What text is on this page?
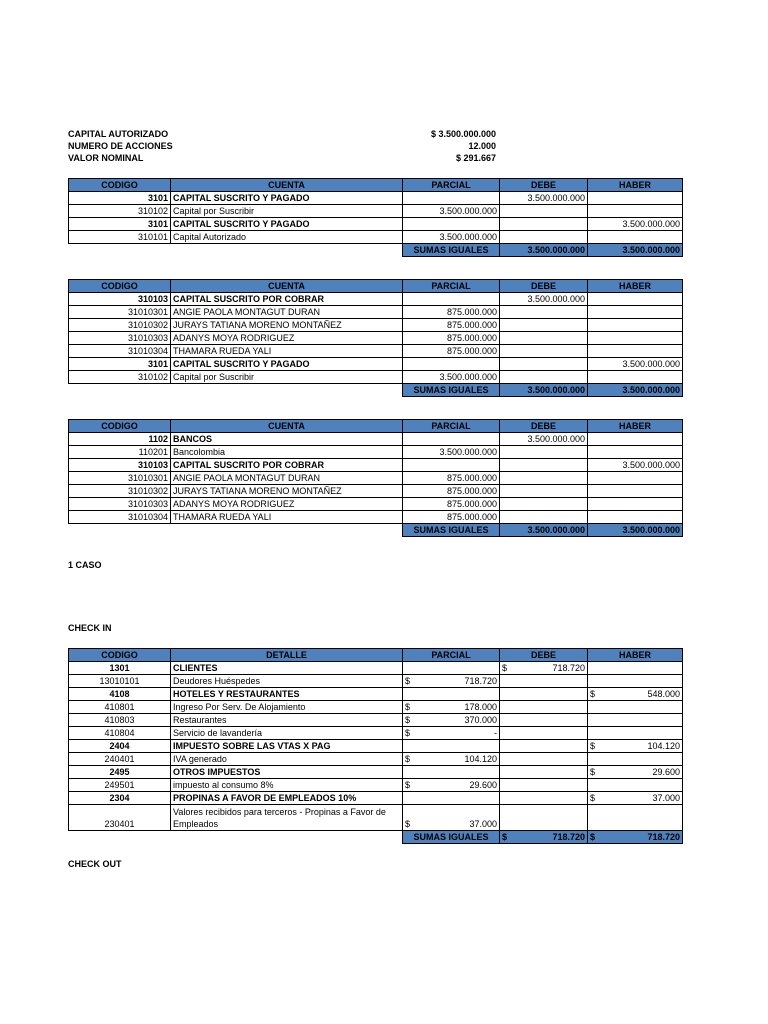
CAPITAL AUTORIZADO	$ 3.500.000.000
NUMERO DE ACCIONES	12.000
VALOR NOMINAL	$ 291.667
CODIGO	CUENTA	PARCIAL	DEBE	HABER
3101	CAPITAL SUSCRITO Y PAGADO		3.500.000.000	
310102	Capital por Suscribir	3.500.000.000		
3101	CAPITAL SUSCRITO Y PAGADO			3.500.000.000
310101	Capital Autorizado	3.500.000.000		
		SUMAS IGUALES	3.500.000.000	3.500.000.000
CODIGO	CUENTA	PARCIAL	DEBE	HABER
310103	CAPITAL SUSCRITO POR COBRAR		3.500.000.000	
31010301	ANGIE PAOLA MONTAGUT DURAN	875.000.000		
31010302	JURAYS TATIANA MORENO MONTAÑEZ	875.000.000		
31010303	ADANYS MOYA RODRIGUEZ	875.000.000		
31010304	THAMARA RUEDA YALI	875.000.000		
3101	CAPITAL SUSCRITO Y PAGADO			3.500.000.000
310102	Capital por Suscribir	3.500.000.000		
		SUMAS IGUALES	3.500.000.000	3.500.000.000
CODIGO	CUENTA	PARCIAL	DEBE	HABER
1102	BANCOS		3.500.000.000	
110201	Bancolombia	3.500.000.000		
310103	CAPITAL SUSCRITO POR COBRAR			3.500.000.000
31010301	ANGIE PAOLA MONTAGUT DURAN	875.000.000		
31010302	JURAYS TATIANA MORENO MONTAÑEZ	875.000.000		
31010303	ADANYS MOYA RODRIGUEZ	875.000.000		
31010304	THAMARA RUEDA YALI	875.000.000		
		SUMAS IGUALES	3.500.000.000	3.500.000.000
1 CASO
CHECK IN
CODIGO	DETALLE	PARCIAL	DEBE	HABER
1301	CLIENTES		$ 718.720	

13010101	Deudores Huéspedes	$ 718.720		

4108	HOTELES Y RESTAURANTES			$ 548.000

410801	Ingreso Por Serv. De Alojamiento	$ 178.000		

410803	Restaurantes	$ 370.000		

410804	Servicio de lavandería	$ -		

2404	IMPUESTO SOBRE LAS VTAS X PAG			$ 104.120

240401	IVA generado	$ 104.120		

2495	OTROS IMPUESTOS			$ 29.600

249501	impuesto al consumo 8%	$ 29.600		

2304	PROPINAS A FAVOR DE EMPLEADOS 10%			$ 37.000

230401	Valores recibidos para terceros - Propinas a Favor de Empleados	$ 37.000		

		SUMAS IGUALES	$ 718.720	$ 718.720
CHECK OUT
